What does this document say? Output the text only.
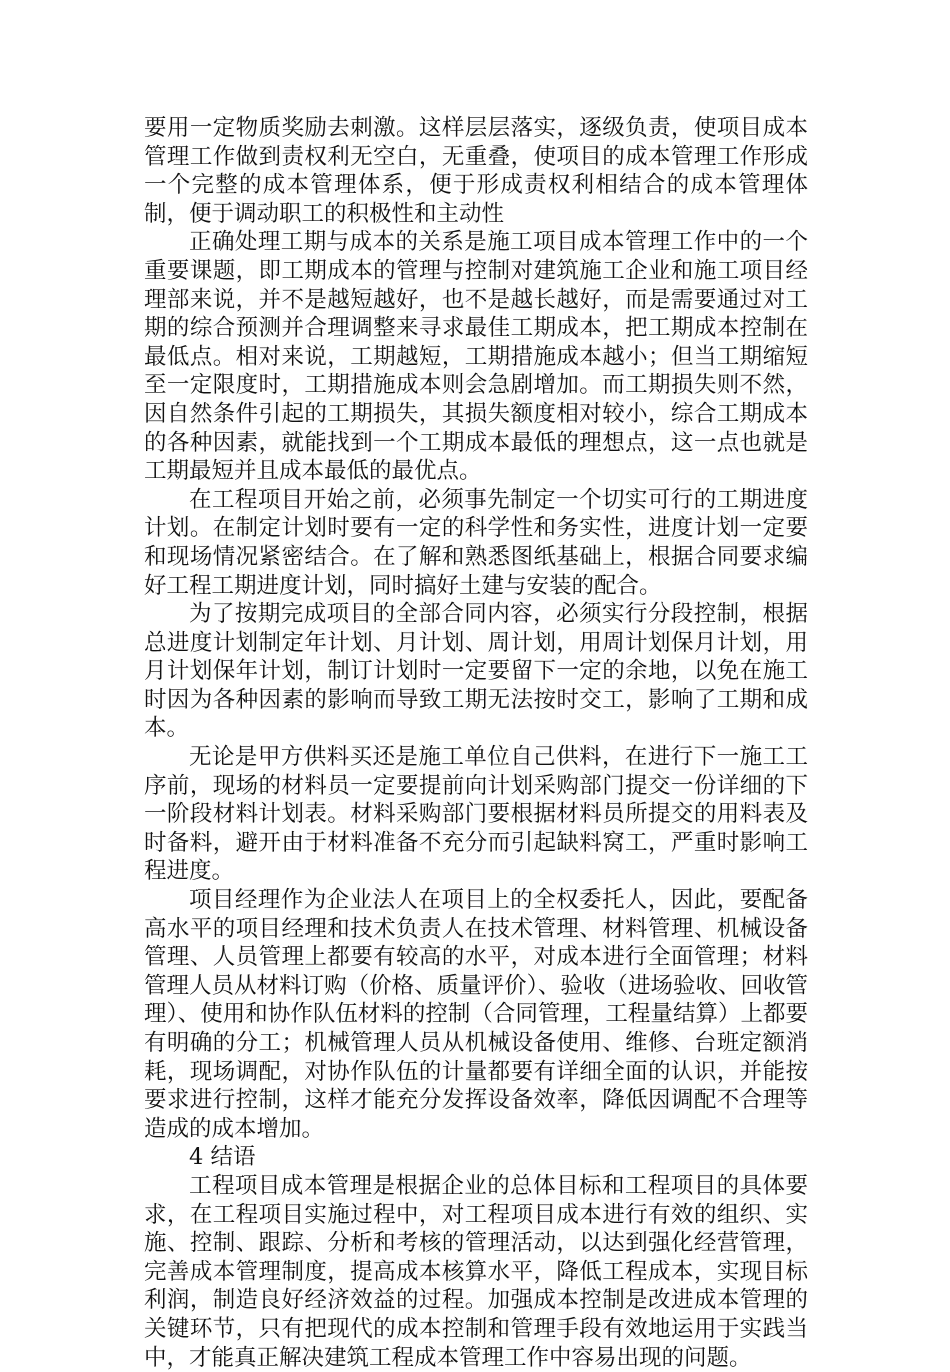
要用一定物质奖励去刺激。这样层层落实，逐级负责，使项目成本管理工作做到责权利无空白，无重叠，使项目的成本管理工作形成一个完整的成本管理体系，便于形成责权利相结合的成本管理体制，便于调动职工的积极性和主动性

正确处理工期与成本的关系是施工项目成本管理工作中的一个重要课题，即工期成本的管理与控制对建筑施工企业和施工项目经理部来说，并不是越短越好，也不是越长越好，而是需要通过对工期的综合预测并合理调整来寻求最佳工期成本，把工期成本控制在最低点。相对来说，工期越短，工期措施成本越小；但当工期缩短至一定限度时，工期措施成本则会急剧增加。而工期损失则不然，因自然条件引起的工期损失，其损失额度相对较小，综合工期成本的各种因素，就能找到一个工期成本最低的理想点，这一点也就是工期最短并且成本最低的最优点。

在工程项目开始之前，必须事先制定一个切实可行的工期进度计划。在制定计划时要有一定的科学性和务实性，进度计划一定要和现场情况紧密结合。在了解和熟悉图纸基础上，根据合同要求编好工程工期进度计划，同时搞好土建与安装的配合。

为了按期完成项目的全部合同内容，必须实行分段控制，根据总进度计划制定年计划、月计划、周计划，用周计划保月计划，用月计划保年计划，制订计划时一定要留下一定的余地，以免在施工时因为各种因素的影响而导致工期无法按时交工，影响了工期和成本。

无论是甲方供料买还是施工单位自己供料，在进行下一施工工序前，现场的材料员一定要提前向计划采购部门提交一份详细的下一阶段材料计划表。材料采购部门要根据材料员所提交的用料表及时备料，避开由于材料准备不充分而引起缺料窝工，严重时影响工程进度。

项目经理作为企业法人在项目上的全权委托人，因此，要配备高水平的项目经理和技术负责人在技术管理、材料管理、机械设备管理、人员管理上都要有较高的水平，对成本进行全面管理；材料管理人员从材料订购（价格、质量评价）、验收（进场验收、回收管理）、使用和协作队伍材料的控制（合同管理，工程量结算）上都要有明确的分工；机械管理人员从机械设备使用、维修、台班定额消耗，现场调配，对协作队伍的计量都要有详细全面的认识，并能按要求进行控制，这样才能充分发挥设备效率，降低因调配不合理等造成的成本增加。

4 结语

工程项目成本管理是根据企业的总体目标和工程项目的具体要求，在工程项目实施过程中，对工程项目成本进行有效的组织、实施、控制、跟踪、分析和考核的管理活动，以达到强化经营管理，完善成本管理制度，提高成本核算水平，降低工程成本，实现目标利润，制造良好经济效益的过程。加强成本控制是改进成本管理的关键环节，只有把现代的成本控制和管理手段有效地运用于实践当中，才能真正解决建筑工程成本管理工作中容易出现的问题。
